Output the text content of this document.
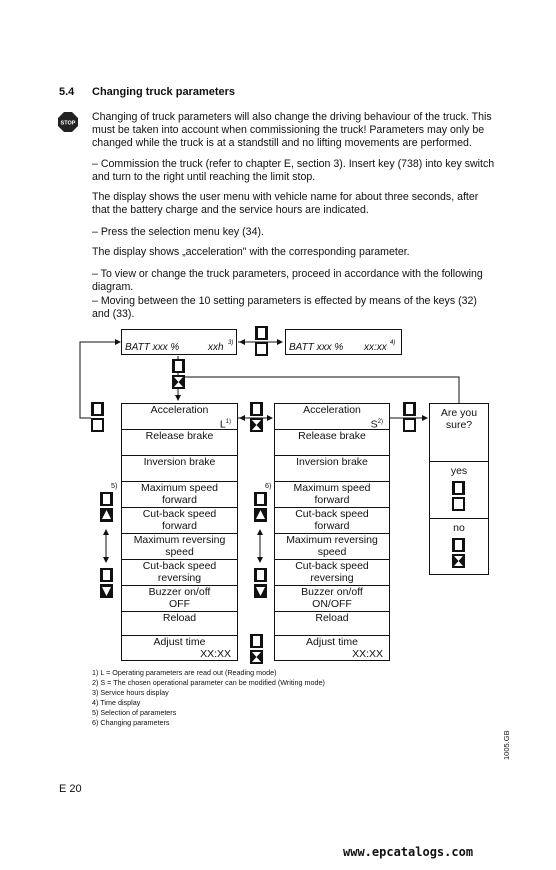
5.4 Changing truck parameters
STOP
Changing of truck parameters will also change the driving behaviour of the truck. This must be taken into account when commissioning the truck! Parameters may only be changed while the truck is at a standstill and no lifting movements are performed.
– Commission the truck (refer to chapter E, section 3). Insert key (738) into key switch and turn to the right until reaching the limit stop.
The display shows the user menu with vehicle name for about three seconds, after that the battery charge and the service hours are indicated.
– Press the selection menu key (34).
The display shows „acceleration" with the corresponding parameter.
– To view or change the truck parameters, proceed in accordance with the following diagram.
– Moving between the 10 setting parameters is effected by means of the keys (32) and (33).
BATT xxx %	xxh 3)	BATT xxx % xx:xx 4)
Acceleration
$L^{1)}$
Release brake
Inversion brake
Maximum speed
forward
Cut-back speed
forward
Maximum reversing
speed
Cut-back speed
reversing
Buzzer on/off
OFF
Reload
Adjust time
XX:XX
Acceleration
$S^{2)}$
Release brake
Inversion brake
Maximum speed
forward
Cut-back speed
forward
Maximum reversing
speed
Cut-back speed
reversing
Buzzer on/off
ON/OFF
Reload
Adjust time
XX:XX
Are you sure?
yes
no
5)	6)
1) L = Operating parameters are read out (Reading mode)
2) S = The chosen operational parameter can be modified (Writing mode)
3) Service hours display
4) Time display
5) Selection of parameters
6) Changing parameters
1005.GB
E 20
www.epcatalogs.com
